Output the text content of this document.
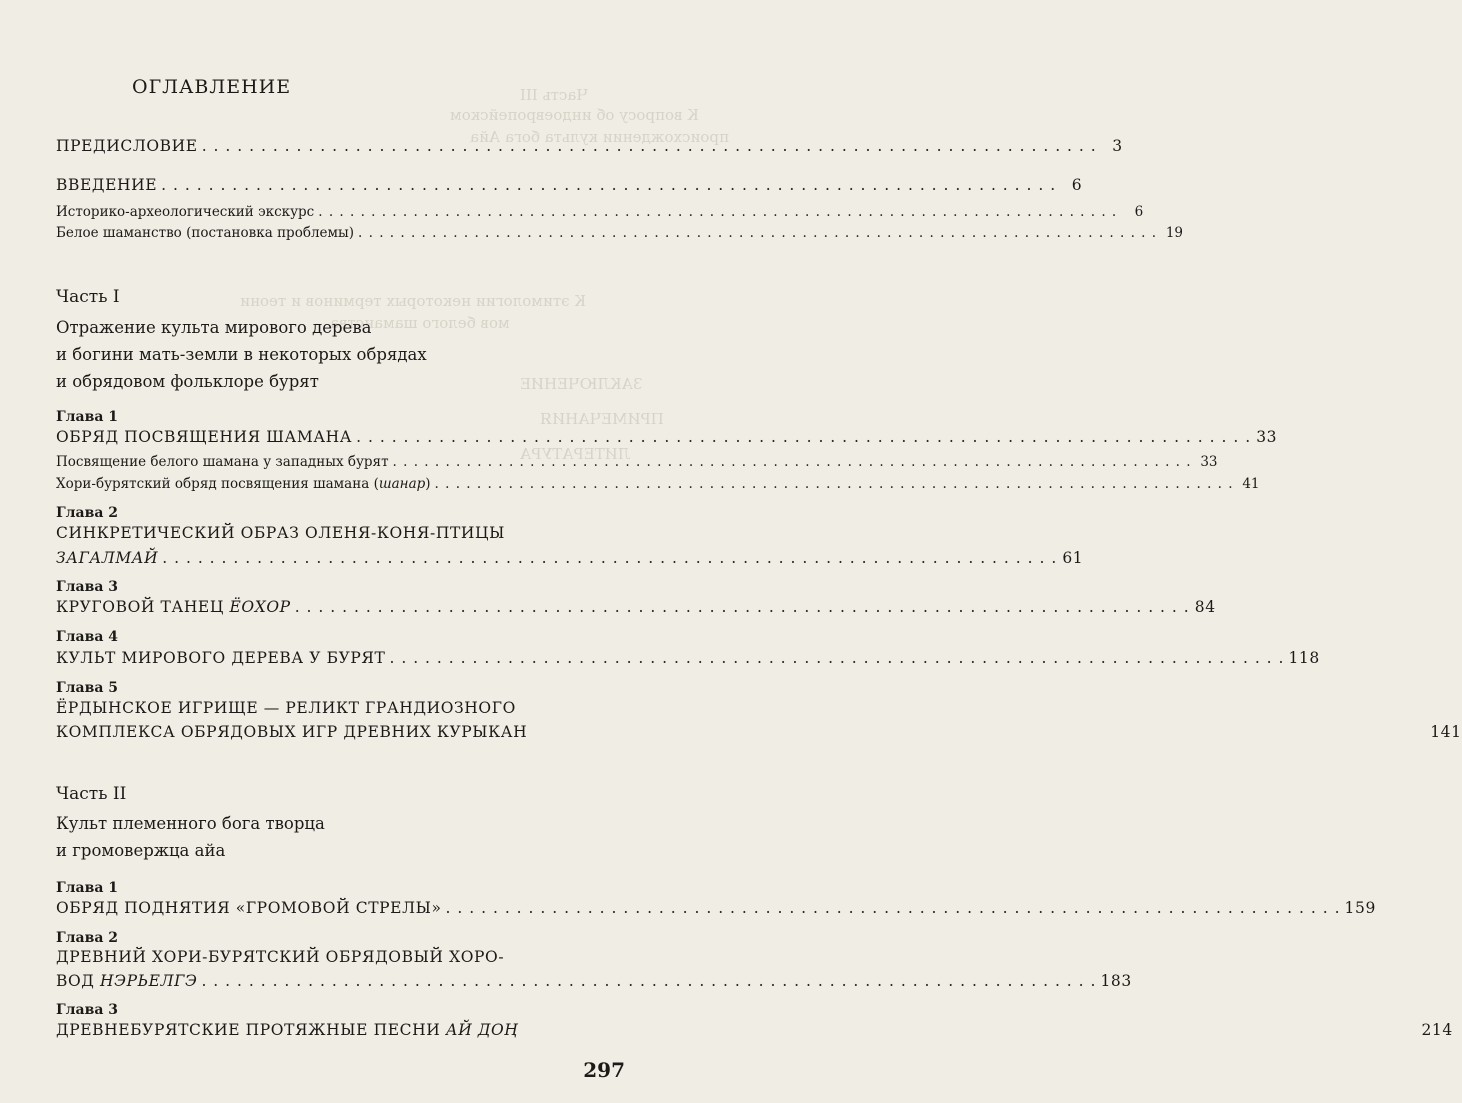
Часть III
К вопросу об индоевропейском
происхождении культа бога Айа
К этимологии некоторых терминов и теони
мов белого шаманства
ЗАКЛЮЧЕНИЕ
ПРИМЕЧАНИЯ
ЛИТЕРАТУРА
ОГЛАВЛЕНИЕ
ПРЕДИСЛОВИЕ . . .	3
ВВЕДЕНИЕ . . .	6
Историко-археологический экскурс . . .	6
Белое шаманство (постановка проблемы) . . .	19
Часть I
Отражение культа мирового дерева
и богини мать-земли в некоторых обрядах
и обрядовом фольклоре бурят
Глава 1
ОБРЯД ПОСВЯЩЕНИЯ ШАМАНА . . .	33
Посвящение белого шамана у западных бурят . . .	33
Хори-бурятский обряд посвящения шамана (шанар) . . .	41
Глава 2
СИНКРЕТИЧЕСКИЙ ОБРАЗ ОЛЕНЯ-КОНЯ-ПТИЦЫ
ЗАГАЛМАЙ . . .	61
Глава 3
КРУГОВОЙ ТАНЕЦ ЁОХОР . . .	84
Глава 4
КУЛЬТ МИРОВОГО ДЕРЕВА У БУРЯТ . . .	118
Глава 5
ЁРДЫНСКОЕ ИГРИЩЕ — РЕЛИКТ ГРАНДИОЗНОГО
КОМПЛЕКСА ОБРЯДОВЫХ ИГР ДРЕВНИХ КУРЫКАН	141
Часть II
Культ племенного бога творца
и громовержца айа
Глава 1
ОБРЯД ПОДНЯТИЯ «ГРОМОВОЙ СТРЕЛЫ» . . .	159
Глава 2
ДРЕВНИЙ ХОРИ-БУРЯТСКИЙ ОБРЯДОВЫЙ ХОРО-
ВОД НЭРЬЕЛГЭ . . .	183
Глава 3
ДРЕВНЕБУРЯТСКИЕ ПРОТЯЖНЫЕ ПЕСНИ АЙ ДОҢ	214
297
